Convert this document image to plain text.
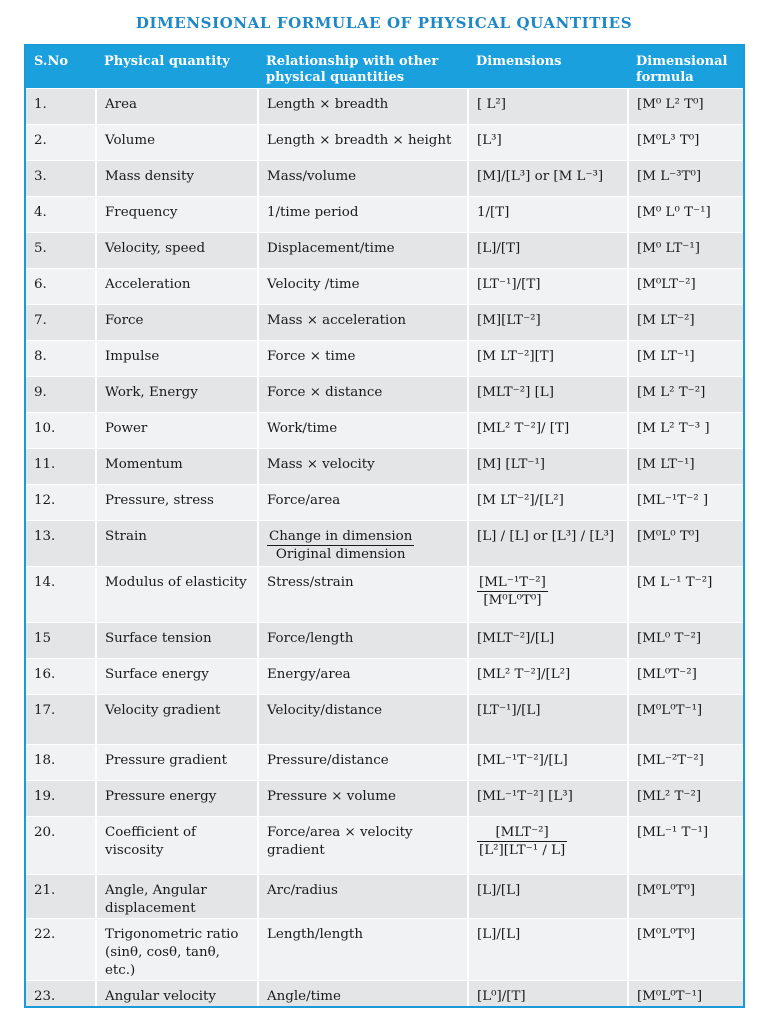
DIMENSIONAL FORMULAE OF PHYSICAL QUANTITIES
S.No	Physical quantity	Relationship with other physical quantities	Dimensions	Dimensional formula
1.	Area	Length × breadth	[ L²]	[M⁰ L² T⁰]
2.	Volume	Length × breadth × height	[L³]	[M⁰L³ T⁰]
3.	Mass density	Mass/volume	[M]/[L³] or [M L⁻³]	[M L⁻³T⁰]
4.	Frequency	1/time period	1/[T]	[M⁰ L⁰ T⁻¹]
5.	Velocity, speed	Displacement/time	[L]/[T]	[M⁰ LT⁻¹]
6.	Acceleration	Velocity /time	[LT⁻¹]/[T]	[M⁰LT⁻²]
7.	Force	Mass × acceleration	[M][LT⁻²]	[M LT⁻²]
8.	Impulse	Force × time	[M LT⁻²][T]	[M LT⁻¹]
9.	Work, Energy	Force × distance	[MLT⁻²] [L]	[M L² T⁻²]
10.	Power	Work/time	[ML² T⁻²]/ [T]	[M L² T⁻³ ]
11.	Momentum	Mass × velocity	[M] [LT⁻¹]	[M LT⁻¹]
12.	Pressure, stress	Force/area	[M LT⁻²]/[L²]	[ML⁻¹T⁻² ]
13.	Strain	$\frac{\text{Change in dimension}}{\text{Original dimension}}$	[L] / [L] or [L³] / [L³]	[M⁰L⁰ T⁰]
14.	Modulus of elasticity	Stress/strain	$\frac{\text{[ML⁻¹T⁻²]}}{\text{[M⁰L⁰T⁰]}}$	[M L⁻¹ T⁻²]
15	Surface tension	Force/length	[MLT⁻²]/[L]	[ML⁰ T⁻²]
16.	Surface energy	Energy/area	[ML² T⁻²]/[L²]	[ML⁰T⁻²]
17.	Velocity gradient	Velocity/distance	[LT⁻¹]/[L]	[M⁰L⁰T⁻¹]
18.	Pressure gradient	Pressure/distance	[ML⁻¹T⁻²]/[L]	[ML⁻²T⁻²]
19.	Pressure energy	Pressure × volume	[ML⁻¹T⁻²] [L³]	[ML² T⁻²]
20.	Coefficient of viscosity	Force/area × velocity gradient	$\frac{\text{[MLT⁻²]}}{\text{[L²][LT⁻¹ / L]}}$	[ML⁻¹ T⁻¹]
21.	Angle, Angular displacement	Arc/radius	[L]/[L]	[M⁰L⁰T⁰]
22.	Trigonometric ratio (sinθ, cosθ, tanθ, etc.)	Length/length	[L]/[L]	[M⁰L⁰T⁰]
23.	Angular velocity	Angle/time	[L⁰]/[T]	[M⁰L⁰T⁻¹]
